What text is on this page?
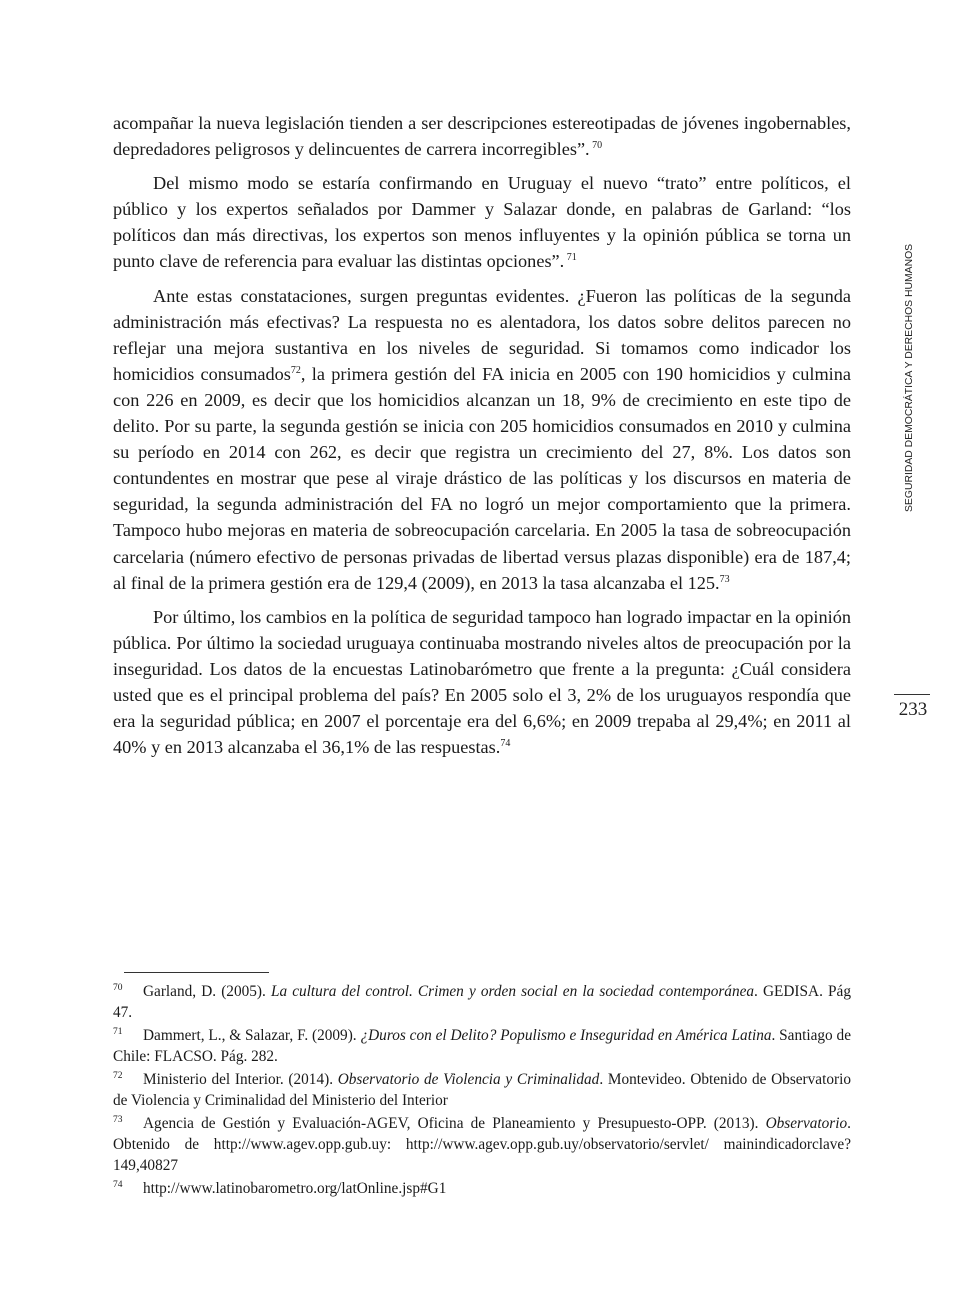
SEGURIDAD DEMOCRÁTICA Y DERECHOS HUMANOS
233

acompañar la nueva legislación tienden a ser descripciones estereotipadas de jóvenes ingobernables, depredadores peligrosos y delincuentes de carrera incorregibles”. $^{70}$

Del mismo modo se estaría confirmando en Uruguay el nuevo “trato” entre políticos, el público y los expertos señalados por Dammer y Salazar donde, en palabras de Garland: “los políticos dan más directivas, los expertos son menos influyentes y la opinión pública se torna un punto clave de referencia para evaluar las distintas opciones”. $^{71}$

Ante estas constataciones, surgen preguntas evidentes. ¿Fueron las políticas de la segunda administración más efectivas? La respuesta no es alentadora, los datos sobre delitos parecen no reflejar una mejora sustantiva en los niveles de seguridad. Si tomamos como indicador los homicidios consumados$^{72}$, la primera gestión del FA inicia en 2005 con 190 homicidios y culmina con 226 en 2009, es decir que los homicidios alcanzan un 18, 9% de crecimiento en este tipo de delito. Por su parte, la segunda gestión se inicia con 205 homicidios consumados en 2010 y culmina su período en 2014 con 262, es decir que registra un crecimiento del 27, 8%. Los datos son contundentes en mostrar que pese al viraje drástico de las políticas y los discursos en materia de seguridad, la segunda administración del FA no logró un mejor comportamiento que la primera. Tampoco hubo mejoras en materia de sobreocupación carcelaria. En 2005 la tasa de sobreocupación carcelaria (número efectivo de personas privadas de libertad versus plazas disponible) era de 187,4; al final de la primera gestión era de 129,4 (2009), en 2013 la tasa alcanzaba el 125.73

Por último, los cambios en la política de seguridad tampoco han logrado impactar en la opinión pública. Por último la sociedad uruguaya continuaba mostrando niveles altos de preocupación por la inseguridad. Los datos de la encuestas Latinobarómetro que frente a la pregunta: ¿Cuál considera usted que es el principal problema del país? En 2005 solo el 3, 2% de los uruguayos respondía que era la seguridad pública; en 2007 el porcentaje era del 6,6%; en 2009 trepaba al 29,4%; en 2011 al 40% y en 2013 alcanzaba el 36,1% de las respuestas.$^{74}$

70 Garland, D. (2005). La cultura del control. Crimen y orden social en la sociedad contemporánea. GEDISA. Pág 47.
71 Dammert, L., & Salazar, F. (2009). ¿Duros con el Delito? Populismo e Inseguridad en América Latina. Santiago de Chile: FLACSO. Pág. 282.
72 Ministerio del Interior. (2014). Observatorio de Violencia y Criminalidad. Montevideo. Obtenido de Observatorio de Violencia y Criminalidad del Ministerio del Interior
73 Agencia de Gestión y Evaluación-AGEV, Oficina de Planeamiento y Presupuesto-OPP. (2013). Observatorio. Obtenido de http://www.agev.opp.gub.uy: http://www.agev.opp.gub.uy/observatorio/servlet/ mainindicadorclave?149,40827
74 http://www.latinobarometro.org/latOnline.jsp#G1
